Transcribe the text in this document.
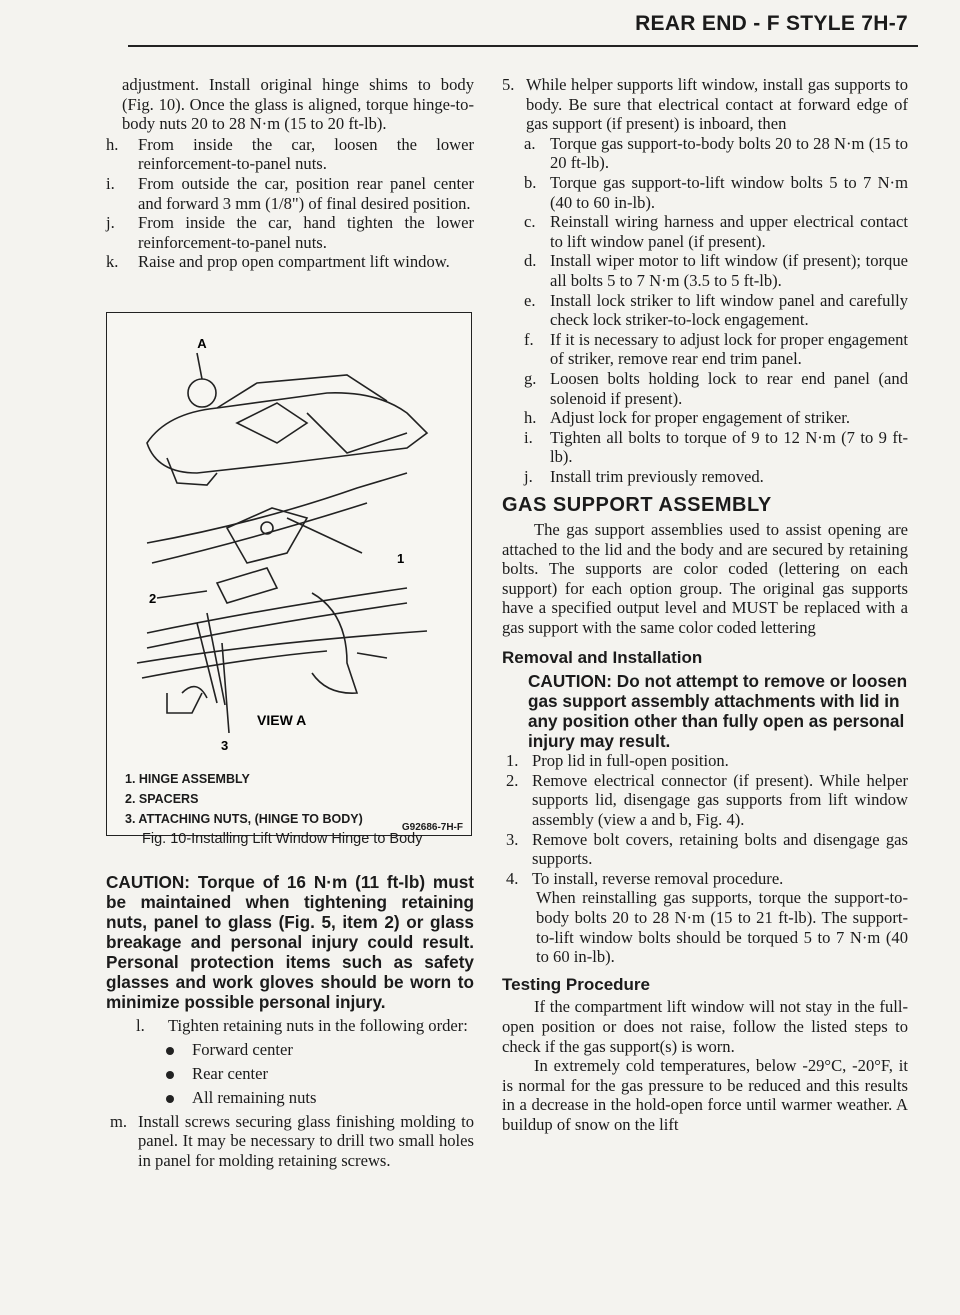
REAR END - F STYLE 7H-7

adjustment. Install original hinge shims to body (Fig. 10). Once the glass is aligned, torque hinge-to-body nuts 20 to 28 N·m (15 to 20 ft-lb).

h.	From inside the car, loosen the lower reinforcement-to-panel nuts.
i.	From outside the car, position rear panel center and forward 3 mm (1/8") of final desired position.
j.	From inside the car, hand tighten the lower reinforcement-to-panel nuts.
k.	Raise and prop open compartment lift window.
A
1
2
3
VIEW A
1. HINGE ASSEMBLY
2. SPACERS
3. ATTACHING NUTS, (HINGE TO BODY)
G92686-7H-F
Fig. 10-Installing Lift Window Hinge to Body

CAUTION: Torque of 16 N·m (11 ft-lb) must be maintained when tightening retaining nuts, panel to glass (Fig. 5, item 2) or glass breakage and personal injury could result. Personal protection items such as safety glasses and work gloves should be worn to minimize possible personal injury.

l.	Tighten retaining nuts in the following order:
Forward center
Rear center
All remaining nuts
m. Install screws securing glass finishing molding to panel. It may be necessary to drill two small holes in panel for molding retaining screws.
5. While helper supports lift window, install gas supports to body. Be sure that electrical contact at forward edge of gas support (if present) is inboard, then
a. Torque gas support-to-body bolts 20 to 28 N·m (15 to 20 ft-lb).
b. Torque gas support-to-lift window bolts 5 to 7 N·m (40 to 60 in-lb).
c. Reinstall wiring harness and upper electrical contact to lift window panel (if present).
d. Install wiper motor to lift window (if present); torque all bolts 5 to 7 N·m (3.5 to 5 ft-lb).
e. Install lock striker to lift window panel and carefully check lock striker-to-lock engagement.
f. If it is necessary to adjust lock for proper engagement of striker, remove rear end trim panel.
g. Loosen bolts holding lock to rear end panel (and solenoid if present).
h. Adjust lock for proper engagement of striker.
i.	Tighten all bolts to torque of 9 to 12 N·m (7 to 9 ft-lb).
j.	Install trim previously removed.
GAS SUPPORT ASSEMBLY

The gas support assemblies used to assist opening are attached to the lid and the body and are secured by retaining bolts. The supports are color coded (lettering on each support) for each option group. The original gas supports have a specified output level and MUST be replaced with a gas support with the same color coded lettering

Removal and Installation

CAUTION: Do not attempt to remove or loosen gas support assembly attachments with lid in any position other than fully open as personal injury may result.

1. Prop lid in full-open position.
2. Remove electrical connector (if present). While helper supports lid, disengage gas supports from lift window assembly (view a and b, Fig. 4).
3. Remove bolt covers, retaining bolts and disengage gas supports.
4. To install, reverse removal procedure.

When reinstalling gas supports, torque the support-to-body bolts 20 to 28 N·m (15 to 21 ft-lb). The support-to-lift window bolts should be torqued 5 to 7 N·m (40 to 60 in-lb).

Testing Procedure

If the compartment lift window will not stay in the full-open position or does not raise, follow the listed steps to check if the gas support(s) is worn.

In extremely cold temperatures, below -29°C, -20°F, it is normal for the gas pressure to be reduced and this results in a decrease in the hold-open force until warmer weather. A buildup of snow on the lift
